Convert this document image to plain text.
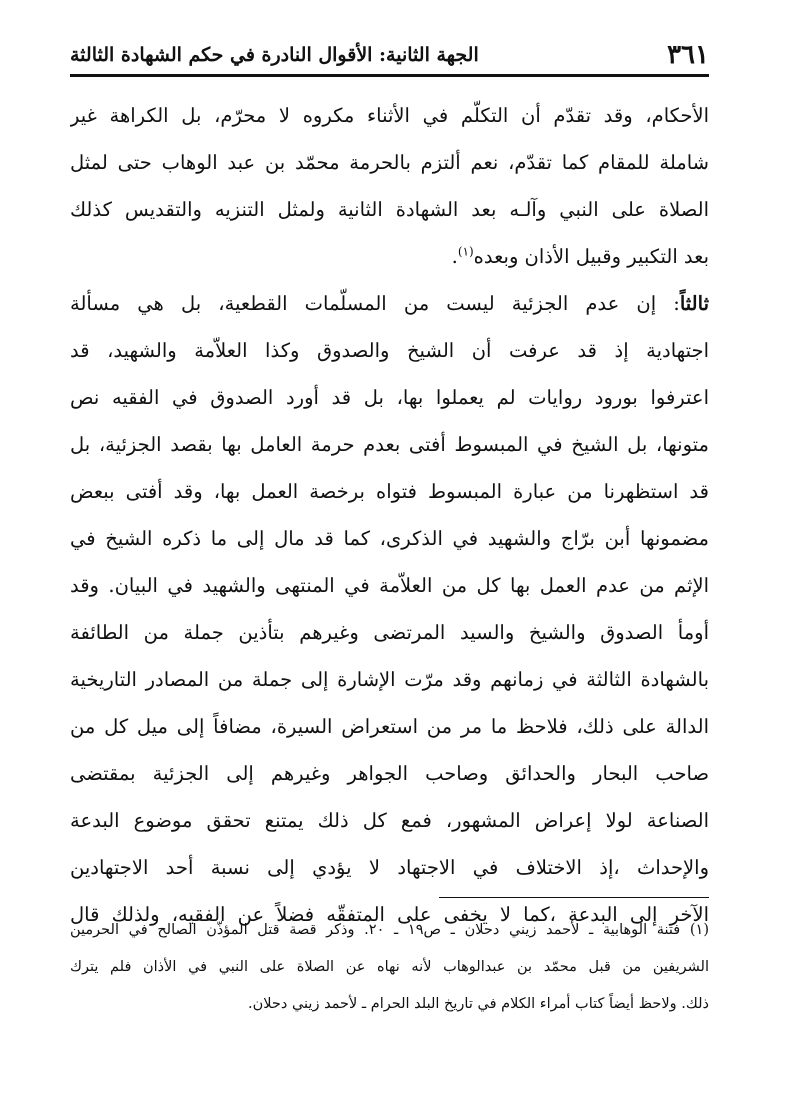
الجهة الثانية: الأقوال النادرة في حكم الشهادة الثالثة	٣٦١
الأحكام، وقد تقدّم أن التكلّم في الأثناء مكروه لا محرّم، بل الكراهة غير
شاملة للمقام كما تقدّم، نعم ألتزم بالحرمة محمّد بن عبد الوهاب حتى لمثل
الصلاة على النبي وآلـه بعد الشهادة الثانية ولمثل التنزيه والتقديس كذلك
بعد التكبير وقبيل الأذان وبعده$^{(١)}$.
ثالثاً: إن عدم الجزئية ليست من المسلّمات القطعية، بل هي مسألة
اجتهادية إذ قد عرفت أن الشيخ والصدوق وكذا العلاّمة والشهيد، قد
اعترفوا بورود روايات لم يعملوا بها، بل قد أورد الصدوق في الفقيه نص
متونها، بل الشيخ في المبسوط أفتى بعدم حرمة العامل بها بقصد الجزئية، بل
قد استظهرنا من عبارة المبسوط فتواه برخصة العمل بها، وقد أفتى ببعض
مضمونها أبن برّاج والشهيد في الذكرى، كما قد مال إلى ما ذكره الشيخ في
الإثم من عدم العمل بها كل من العلاّمة في المنتهى والشهيد في البيان. وقد
أومأ الصدوق والشيخ والسيد المرتضى وغيرهم بتأذين جملة من الطائفة
بالشهادة الثالثة في زمانهم وقد مرّت الإشارة إلى جملة من المصادر التاريخية
الدالة على ذلك، فلاحظ ما مر من استعراض السيرة، مضافاً إلى ميل كل من
صاحب البحار والحدائق وصاحب الجواهر وغيرهم إلى الجزئية بمقتضى
الصناعة لولا إعراض المشهور، فمع كل ذلك يمتنع تحقق موضوع البدعة
والإحداث ،إذ الاختلاف في الاجتهاد لا يؤدي إلى نسبة أحد الاجتهادين
الآخر إلى البدعة ،كما لا يخفى على المتفقّه فضلاً عن الفقيه، ولذلك قال
(١) فتنة الوهابية ـ لأحمد زيني دحلان ـ ص١٩ ـ ٢٠. وذكر قصة قتل المؤذّن الصالح في الحرمين
الشريفين من قبل محمّد بن عبدالوهاب لأنه نهاه عن الصلاة على النبي في الأذان فلم يترك
ذلك. ولاحظ أيضاً كتاب أمراء الكلام في تاريخ البلد الحرام ـ لأحمد زيني دحلان.
